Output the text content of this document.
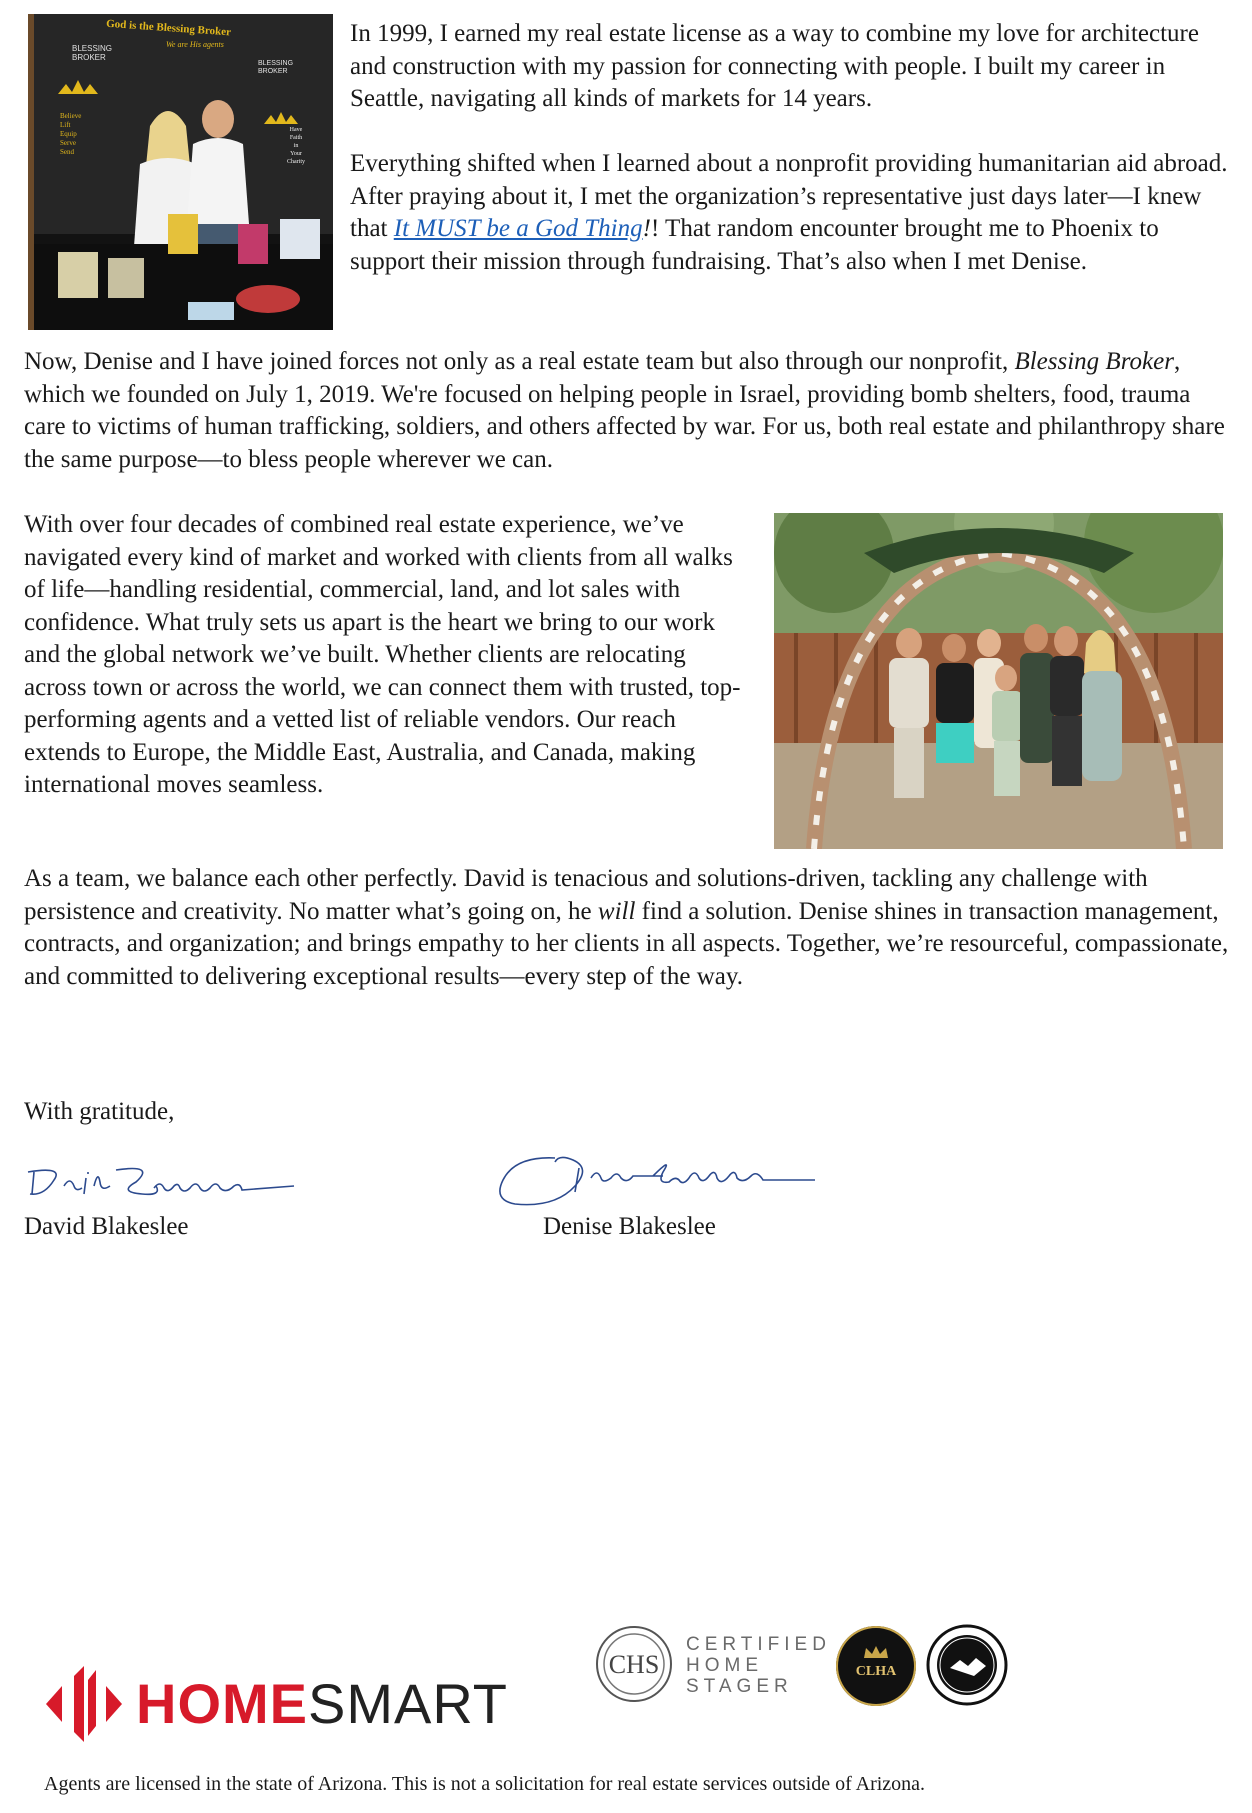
God is the Blessing Broker
We are His agents
BLESSING
BROKER
BLESSING
BROKER
Believe
Lift
Equip
Serve
Send
Have
Faith
in
Your
Charity

In 1999, I earned my real estate license as a way to combine my love for architecture and construction with my passion for connecting with people. I built my career in Seattle, navigating all kinds of markets for 14 years.

Everything shifted when I learned about a nonprofit providing humanitarian aid abroad. After praying about it, I met the organization’s representative just days later—I knew that It MUST be a God Thing!! That random encounter brought me to Phoenix to support their mission through fundraising. That’s also when I met Denise.

Now, Denise and I have joined forces not only as a real estate team but also through our nonprofit, Blessing Broker, which we founded on July 1, 2019. We're focused on helping people in Israel, providing bomb shelters, food, trauma care to victims of human trafficking, soldiers, and others affected by war. For us, both real estate and philanthropy share the same purpose—to bless people wherever we can.

With over four decades of combined real estate experience, we’ve navigated every kind of market and worked with clients from all walks of life—handling residential, commercial, land, and lot sales with confidence. What truly sets us apart is the heart we bring to our work and the global network we’ve built. Whether clients are relocating across town or across the world, we can connect them with trusted, top-performing agents and a vetted list of reliable vendors. Our reach extends to Europe, the Middle East, Australia, and Canada, making international moves seamless.

As a team, we balance each other perfectly. David is tenacious and solutions-driven, tackling any challenge with persistence and creativity. No matter what’s going on, he will find a solution. Denise shines in transaction management, contracts, and organization; and brings empathy to her clients in all aspects. Together, we’re resourceful, compassionate, and committed to delivering exceptional results—every step of the way.

With gratitude,

David Blakeslee	Denise Blakeslee
HOMESMART
CHS
CERTIFIED
HOME
STAGER
CLHA
Agents are licensed in the state of Arizona. This is not a solicitation for real estate services outside of Arizona.
